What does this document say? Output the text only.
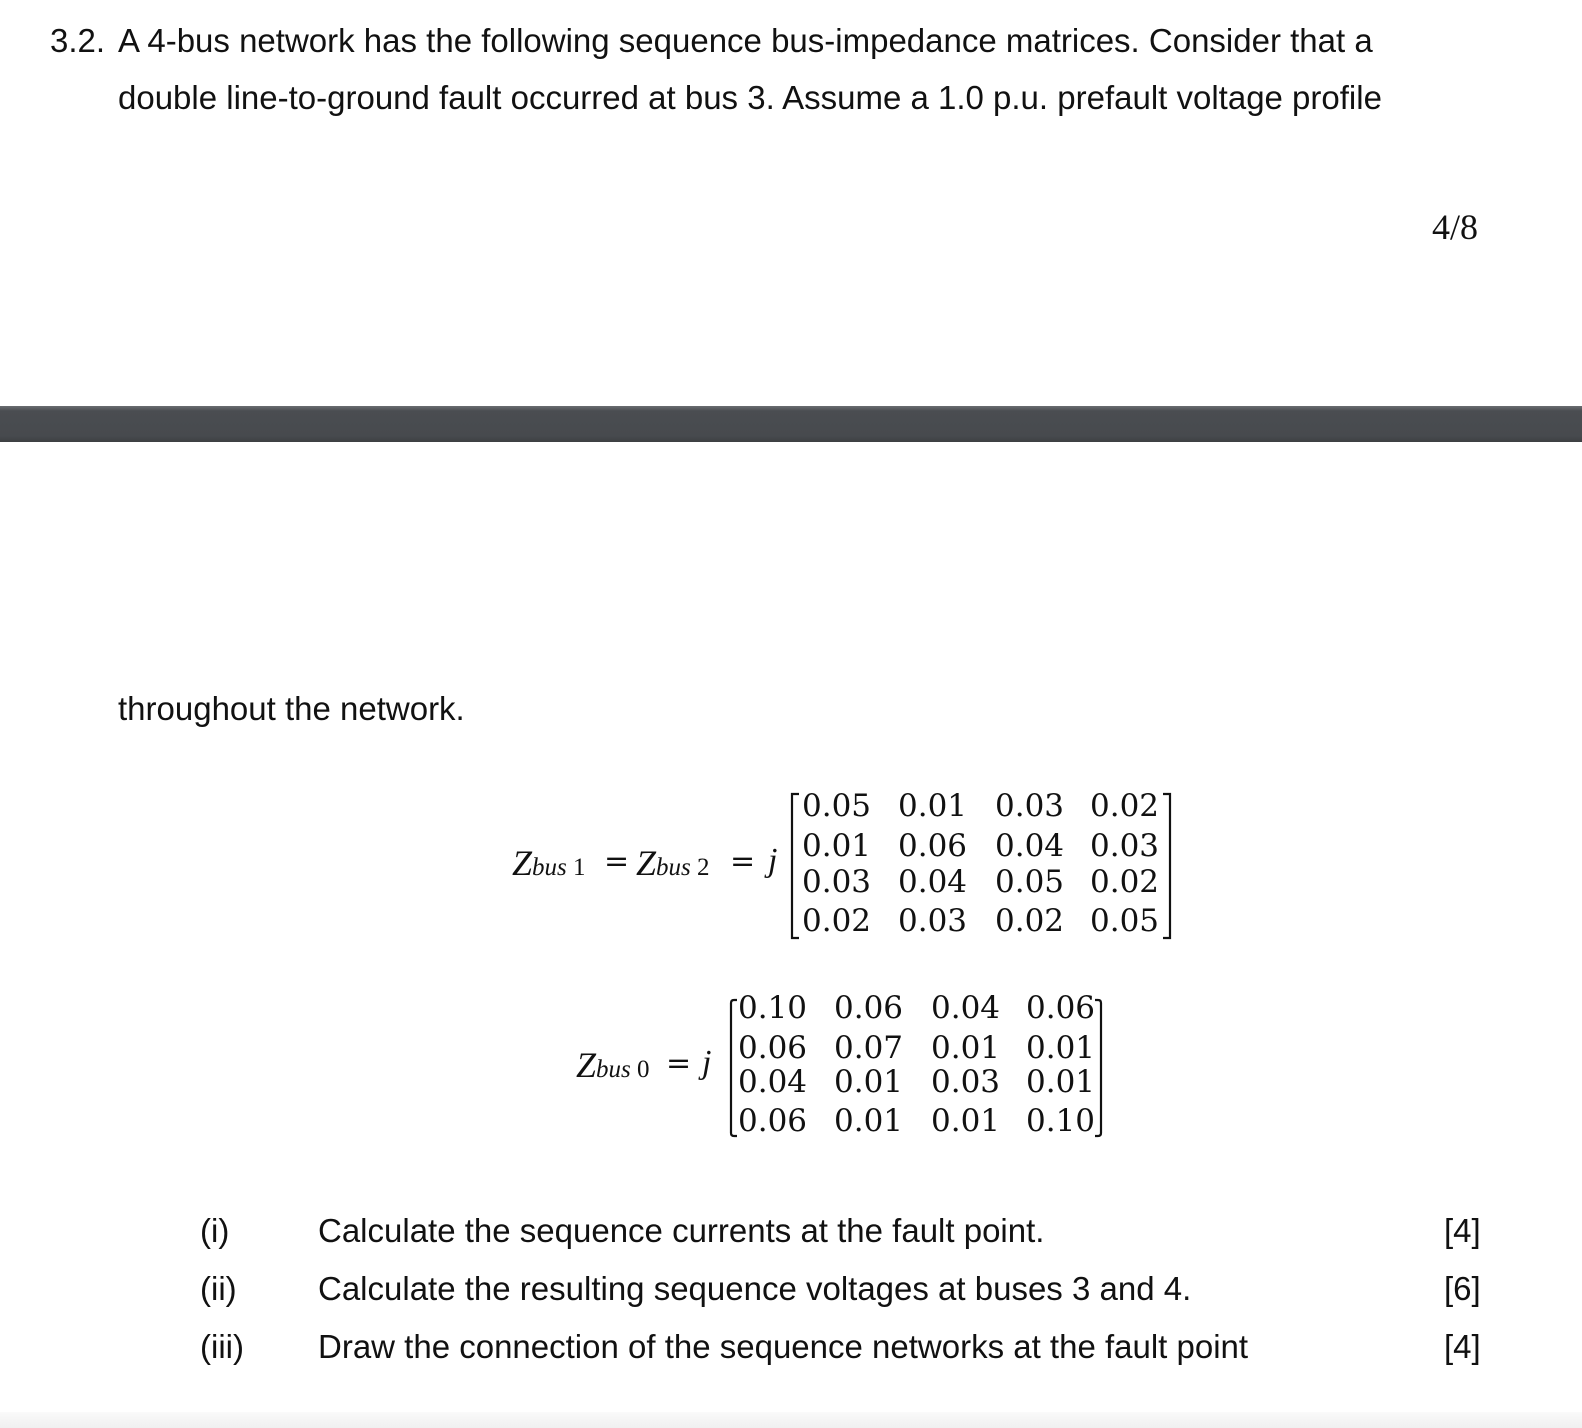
3.2. A 4-bus network has the following sequence bus-impedance matrices. Consider that a
double line-to-ground fault occurred at bus 3. Assume a 1.0 p.u. prefault voltage profile
4/8
throughout the network.
Zbus 1 = Zbus 2 = j
0.05 0.01 0.03 0.02
0.01 0.06 0.04 0.03
0.03 0.04 0.05 0.02
0.02 0.03 0.02 0.05
Zbus 0 = j
0.10 0.06 0.04 0.06
0.06 0.07 0.01 0.01
0.04 0.01 0.03 0.01
0.06 0.01 0.01 0.10
(i)	Calculate the sequence currents at the fault point.	[4]
(ii) Calculate the resulting sequence voltages at buses 3 and 4.	[6]
(iii) Draw the connection of the sequence networks at the fault point	[4]
